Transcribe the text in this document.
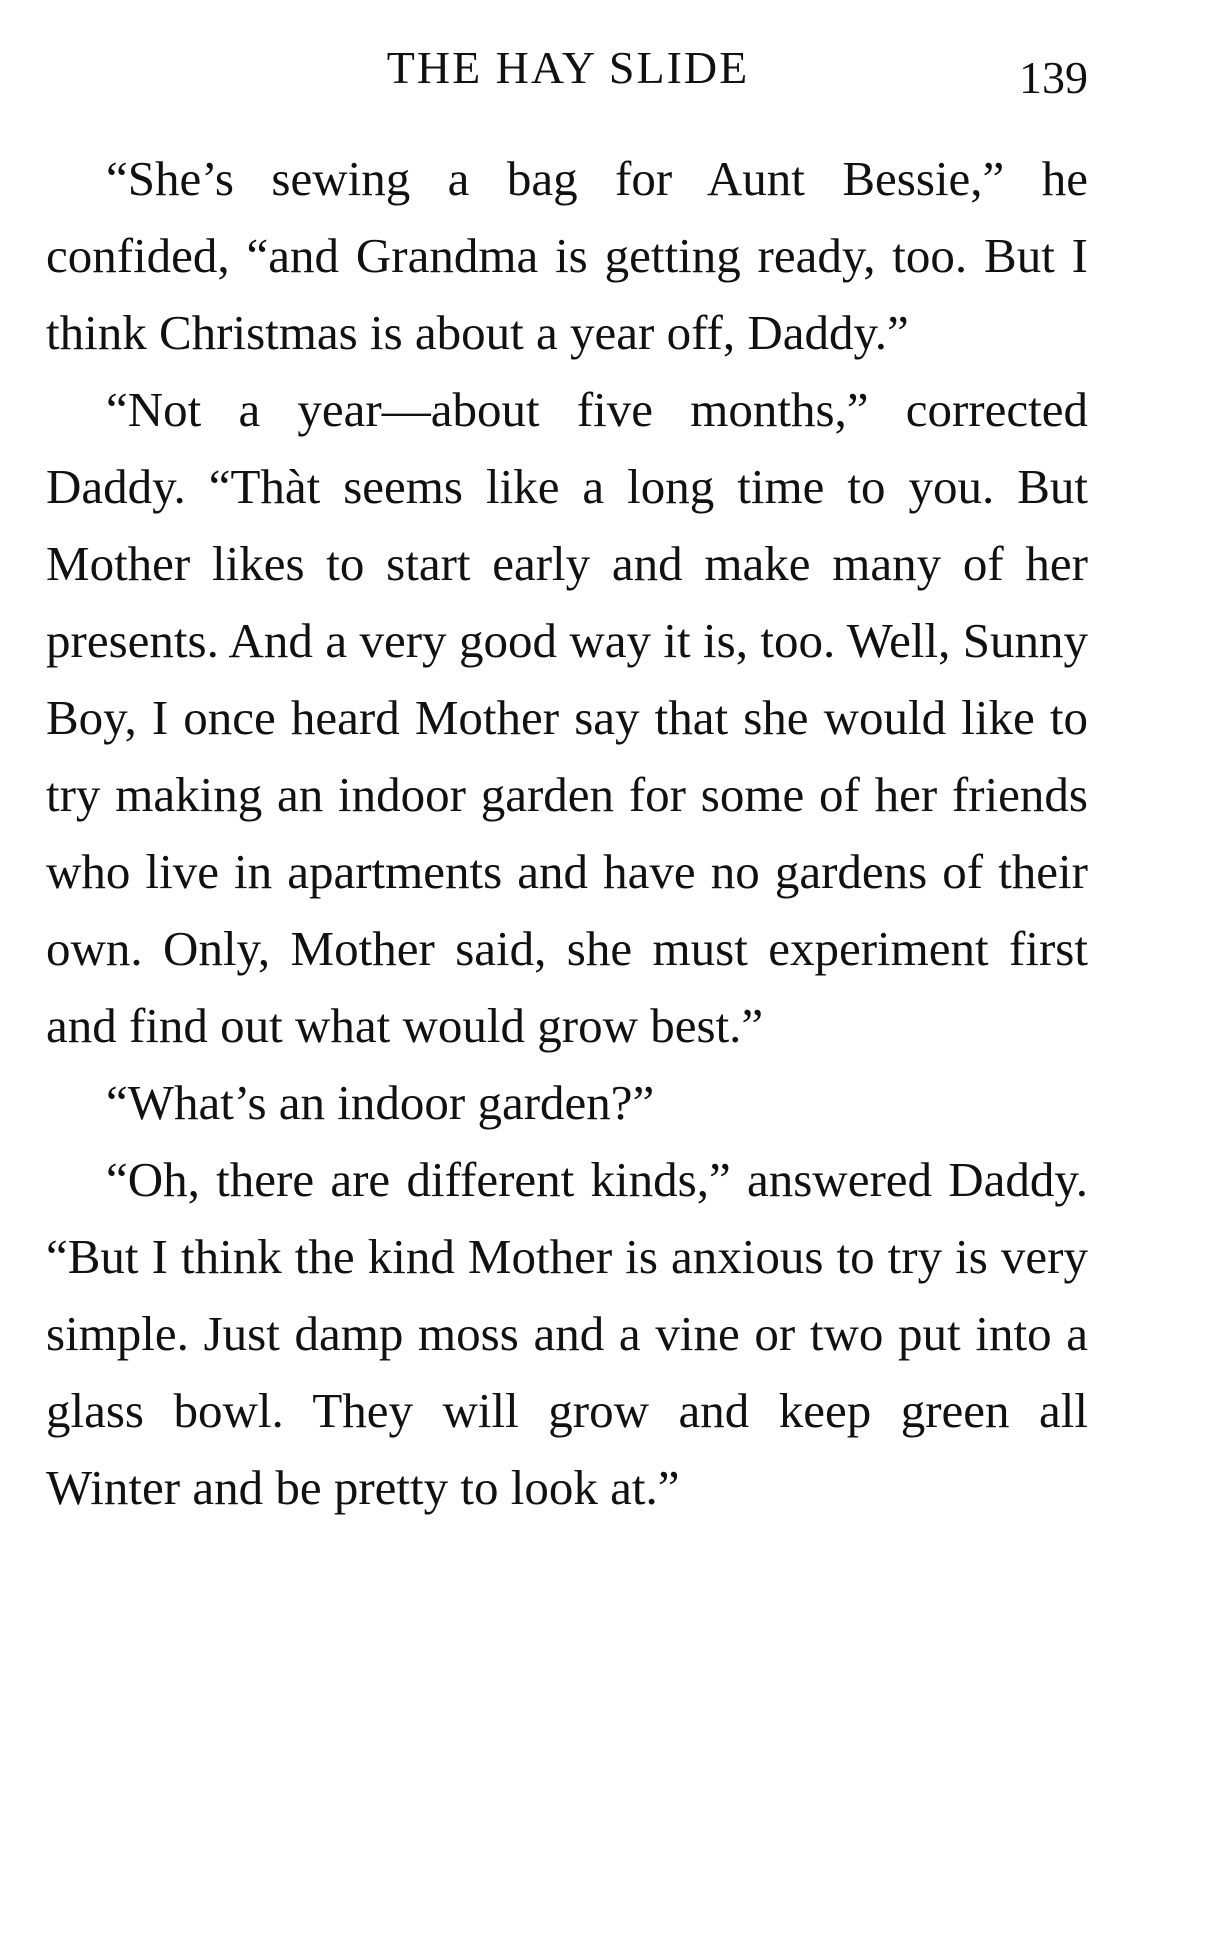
THE HAY SLIDE	139

“She’s sewing a bag for Aunt Bessie,” he confided, “and Grandma is getting ready, too. But I think Christmas is about a year off, Daddy.”

“Not a year—about five months,” corrected Daddy. “Thàt seems like a long time to you. But Mother likes to start early and make many of her presents. And a very good way it is, too. Well, Sunny Boy, I once heard Mother say that she would like to try making an indoor garden for some of her friends who live in apartments and have no gardens of their own. Only, Mother said, she must experiment first and find out what would grow best.”

“What’s an indoor garden?”

“Oh, there are different kinds,” answered Daddy. “But I think the kind Mother is anxious to try is very simple. Just damp moss and a vine or two put into a glass bowl. They will grow and keep green all Winter and be pretty to look at.”
